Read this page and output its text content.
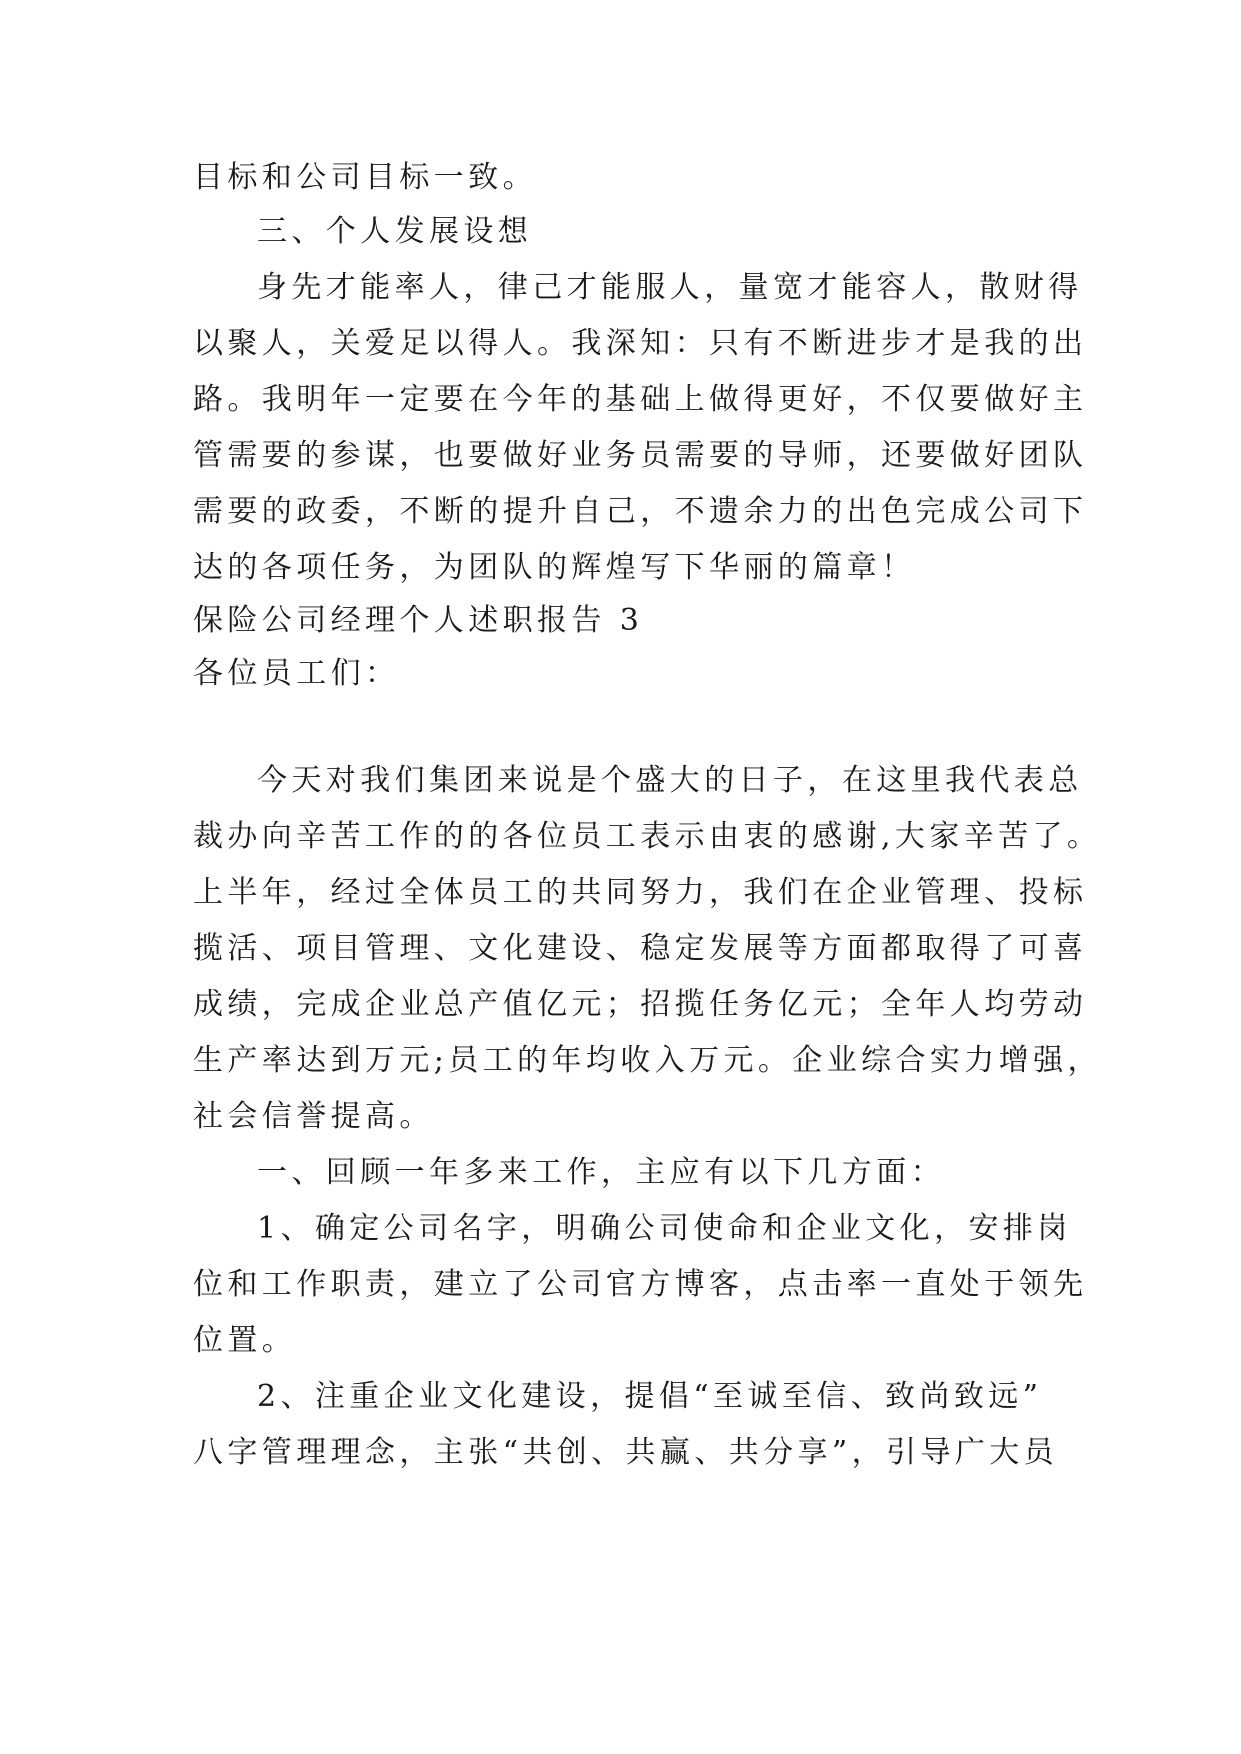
目标和公司目标一致。
三、个人发展设想
身先才能率人，律己才能服人，量宽才能容人，散财得
以聚人，关爱足以得人。我深知：只有不断进步才是我的出
路。我明年一定要在今年的基础上做得更好，不仅要做好主
管需要的参谋，也要做好业务员需要的导师，还要做好团队
需要的政委，不断的提升自己，不遗余力的出色完成公司下
达的各项任务，为团队的辉煌写下华丽的篇章！
保险公司经理个人述职报告 3
各位员工们：
今天对我们集团来说是个盛大的日子，在这里我代表总
裁办向辛苦工作的的各位员工表示由衷的感谢,大家辛苦了。
上半年，经过全体员工的共同努力，我们在企业管理、投标
揽活、项目管理、文化建设、稳定发展等方面都取得了可喜
成绩，完成企业总产值亿元；招揽任务亿元；全年人均劳动
生产率达到万元;员工的年均收入万元。企业综合实力增强，
社会信誉提高。
一、回顾一年多来工作，主应有以下几方面：
1、确定公司名字，明确公司使命和企业文化，安排岗
位和工作职责，建立了公司官方博客，点击率一直处于领先
位置。
2、注重企业文化建设，提倡“至诚至信、致尚致远”
八字管理理念，主张“共创、共赢、共分享”，引导广大员
